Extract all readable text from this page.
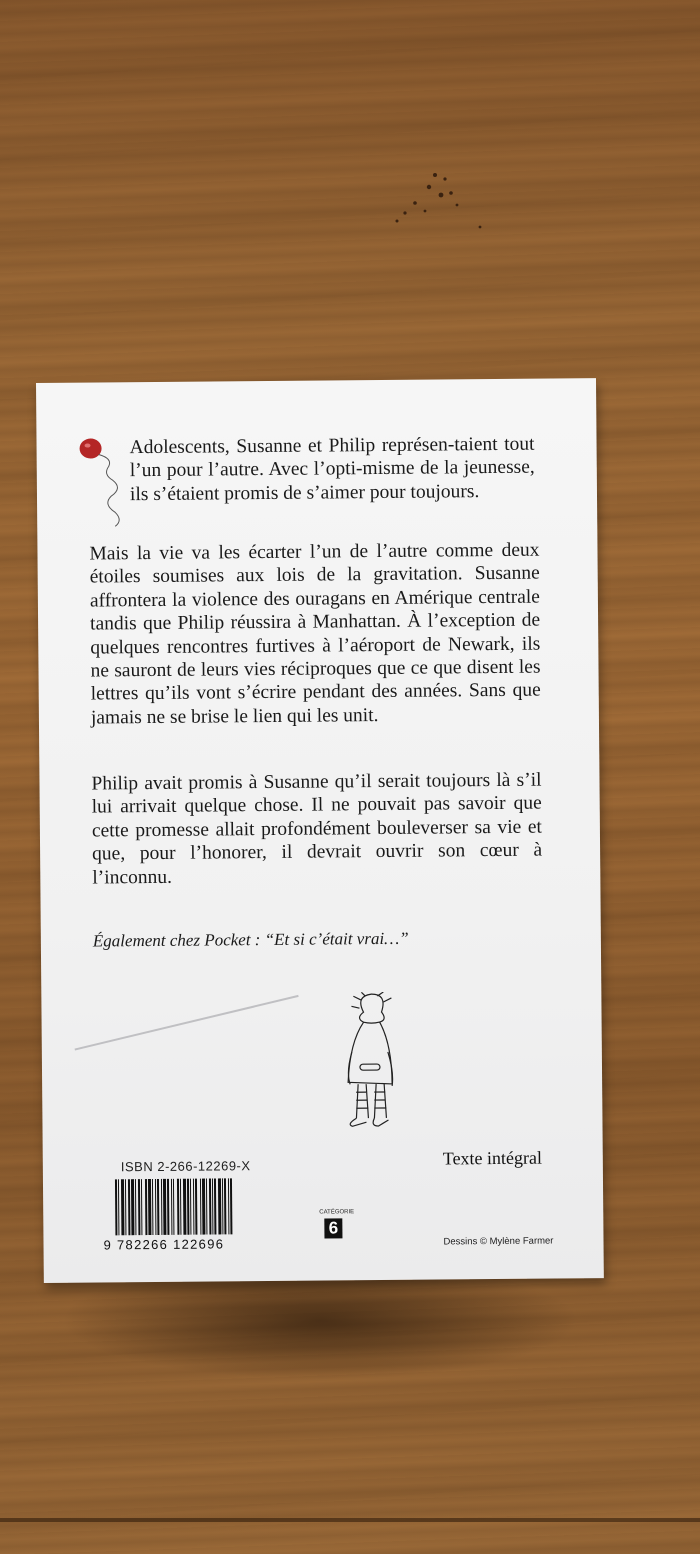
Adolescents, Susanne et Philip représen-taient tout l’un pour l’autre. Avec l’opti-misme de la jeunesse, ils s’étaient promis de s’aimer pour toujours.

Mais la vie va les écarter l’un de l’autre comme deux étoiles soumises aux lois de la gravitation. Susanne affrontera la violence des ouragans en Amérique centrale tandis que Philip réussira à Manhattan. À l’exception de quelques rencontres furtives à l’aéroport de Newark, ils ne sauront de leurs vies réciproques que ce que disent les lettres qu’ils vont s’écrire pendant des années. Sans que jamais ne se brise le lien qui les unit.

Philip avait promis à Susanne qu’il serait toujours là s’il lui arrivait quelque chose. Il ne pouvait pas savoir que cette promesse allait profondément bouleverser sa vie et que, pour l’honorer, il devrait ouvrir son cœur à l’inconnu.

Également chez Pocket : “Et si c’était vrai…”
Texte intégral
ISBN 2-266-12269-X
9 782266 122696
CATÉGORIE
6
Dessins © Mylène Farmer
